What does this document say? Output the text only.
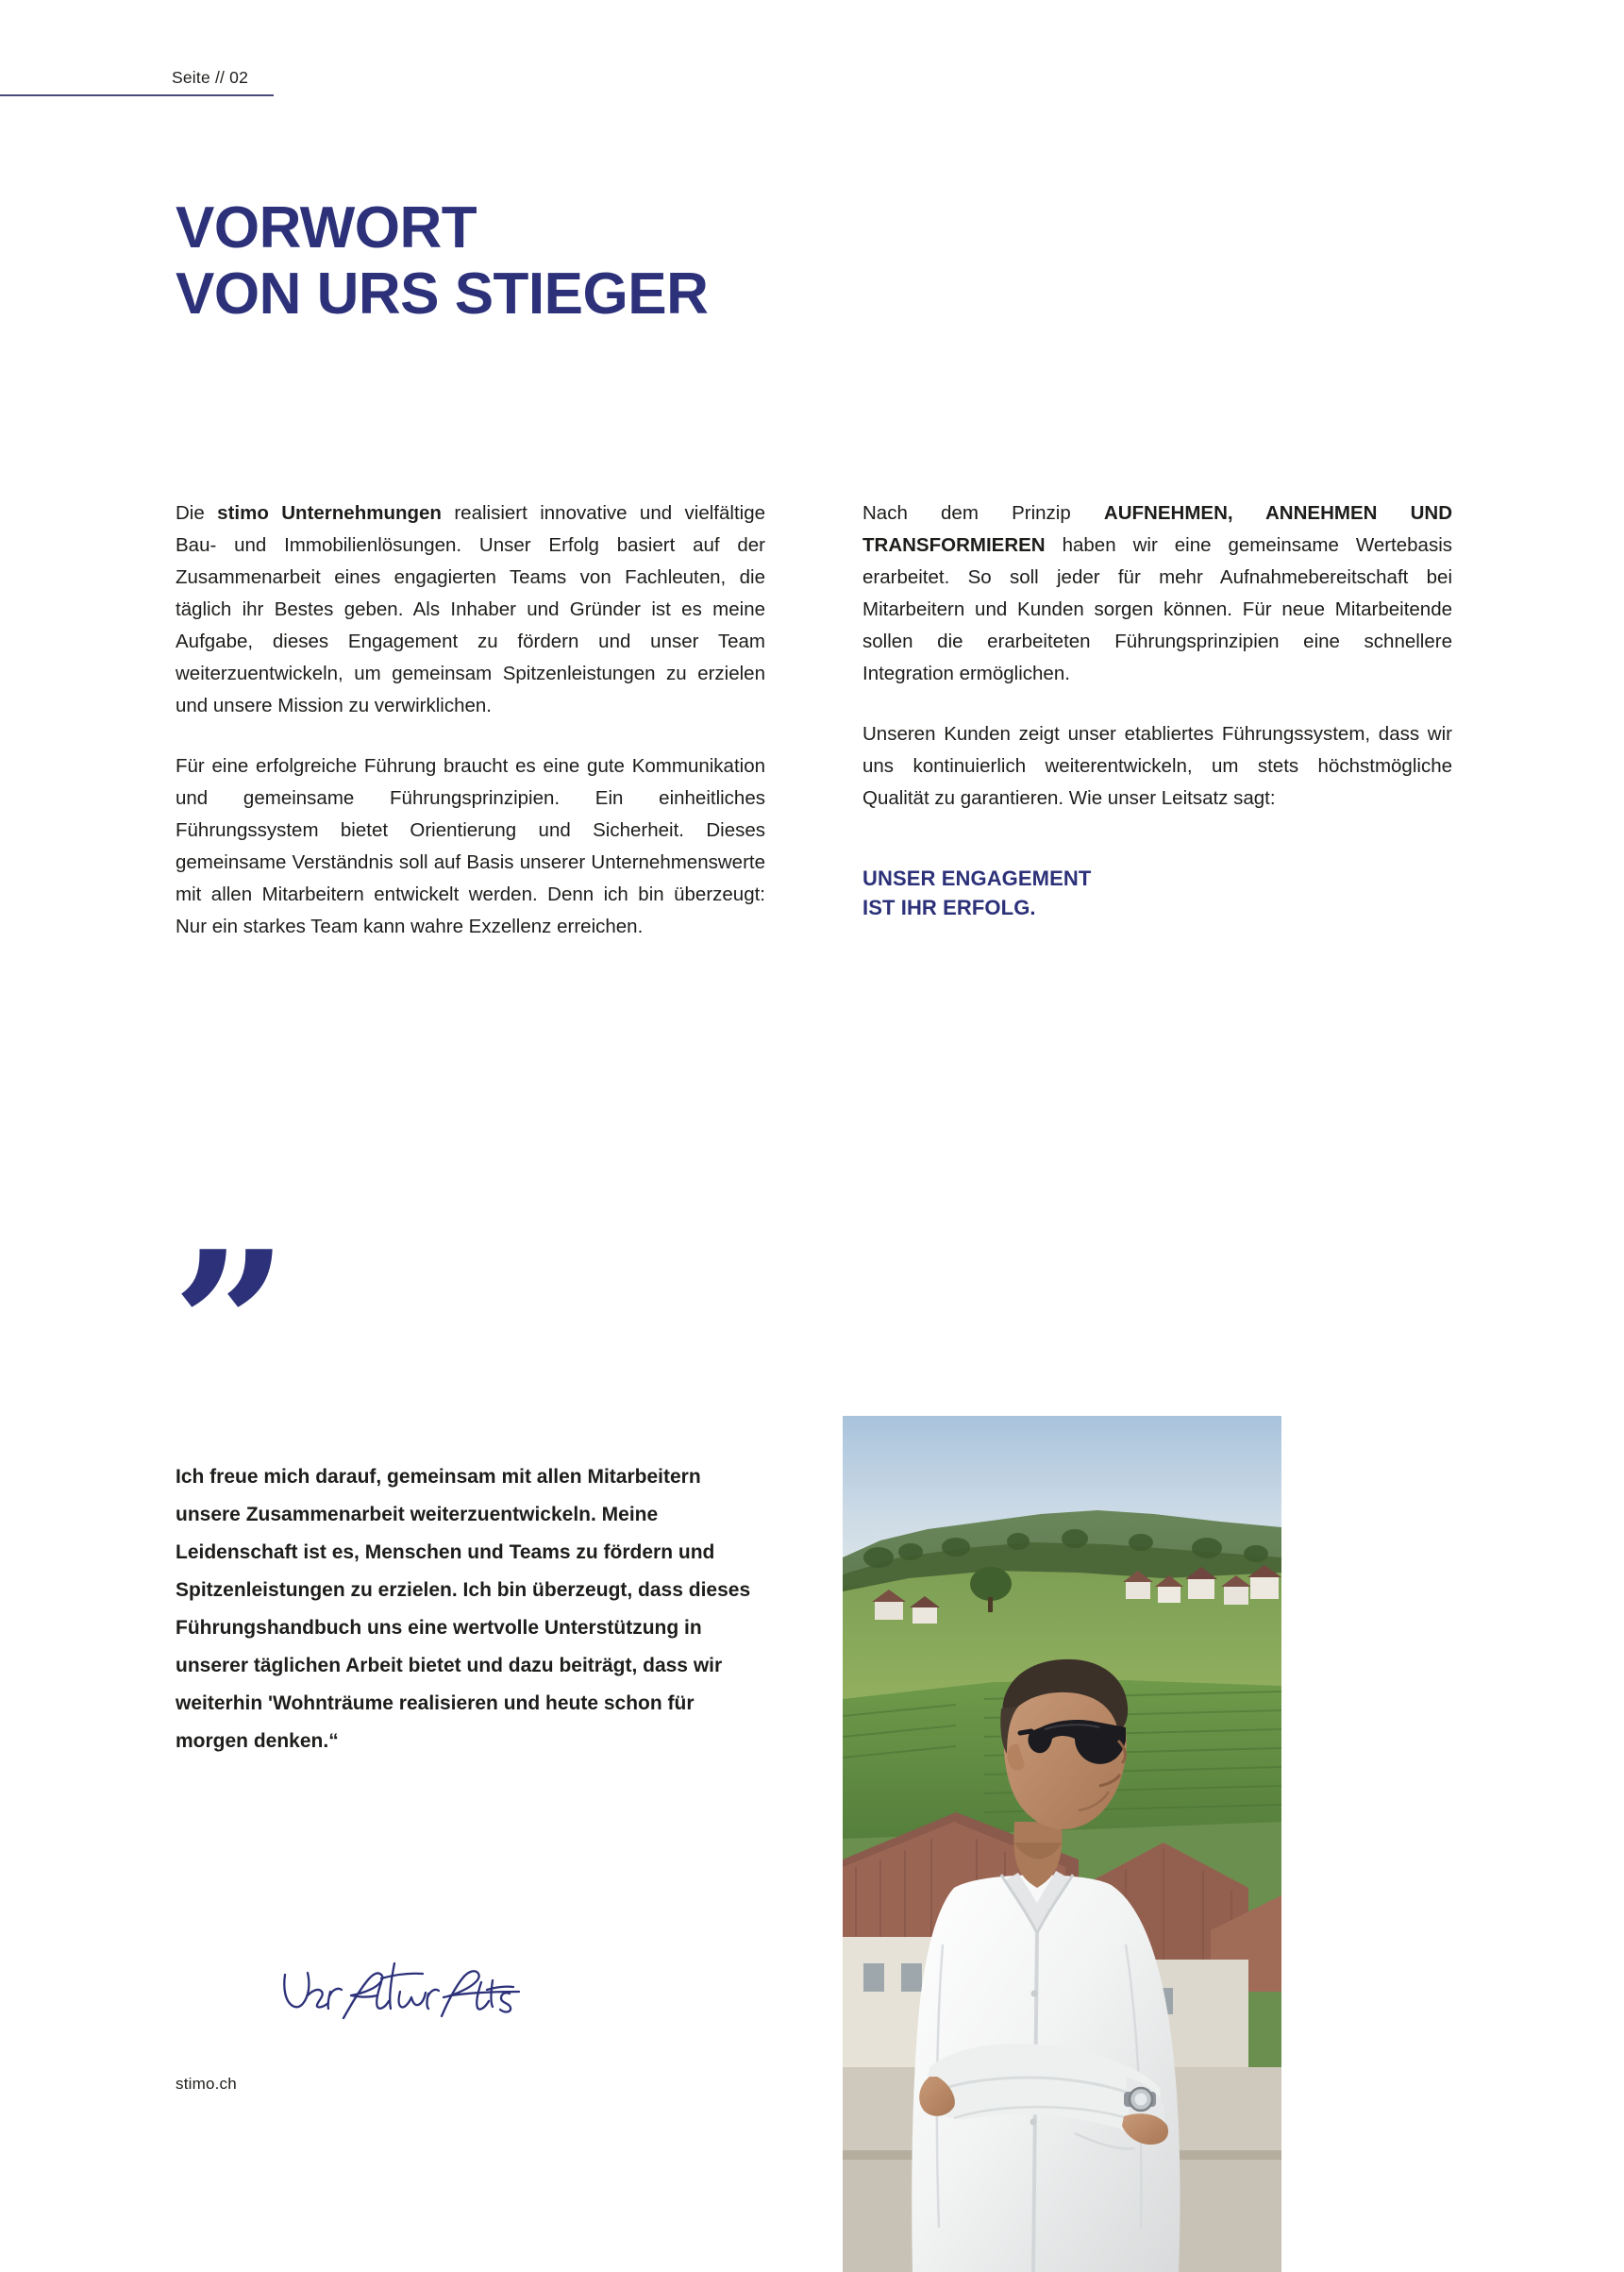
Seite // 02
VORWORT
VON URS STIEGER

Die stimo Unternehmungen realisiert innovative und vielfältige Bau- und Immobilienlösungen. Unser Erfolg basiert auf der Zusammenarbeit eines engagierten Teams von Fachleuten, die täglich ihr Bestes geben. Als Inhaber und Gründer ist es meine Aufgabe, dieses Engagement zu fördern und unser Team weiterzuentwickeln, um gemeinsam Spitzenleistungen zu erzielen und unsere Mission zu verwirklichen.

Für eine erfolgreiche Führung braucht es eine gute Kommunikation und gemeinsame Führungsprinzipien. Ein einheitliches Führungssystem bietet Orientierung und Sicherheit. Dieses gemeinsame Verständnis soll auf Basis unserer Unternehmenswerte mit allen Mitarbeitern entwickelt werden. Denn ich bin überzeugt: Nur ein starkes Team kann wahre Exzellenz erreichen.

Nach dem Prinzip AUFNEHMEN, ANNEHMEN UND TRANSFORMIEREN haben wir eine gemeinsame Wertebasis erarbeitet. So soll jeder für mehr Aufnahmebereitschaft bei Mitarbeitern und Kunden sorgen können. Für neue Mitarbeitende sollen die erarbeiteten Führungsprinzipien eine schnellere Integration ermöglichen.

Unseren Kunden zeigt unser etabliertes Führungssystem, dass wir uns kontinuierlich weiterentwickeln, um stets höchstmögliche Qualität zu garantieren. Wie unser Leitsatz sagt:

UNSER ENGAGEMENT
IST IHR ERFOLG.
”

Ich freue mich darauf, gemeinsam mit allen Mitarbeitern unsere Zusammenarbeit weiterzuentwickeln. Meine Leidenschaft ist es, Menschen und Teams zu fördern und Spitzenleistungen zu erzielen. Ich bin überzeugt, dass dieses Führungshandbuch uns eine wertvolle Unterstützung in unserer täglichen Arbeit bietet und dazu beiträgt, dass wir weiterhin 'Wohnträume realisieren und heute schon für morgen denken.“

stimo.ch
